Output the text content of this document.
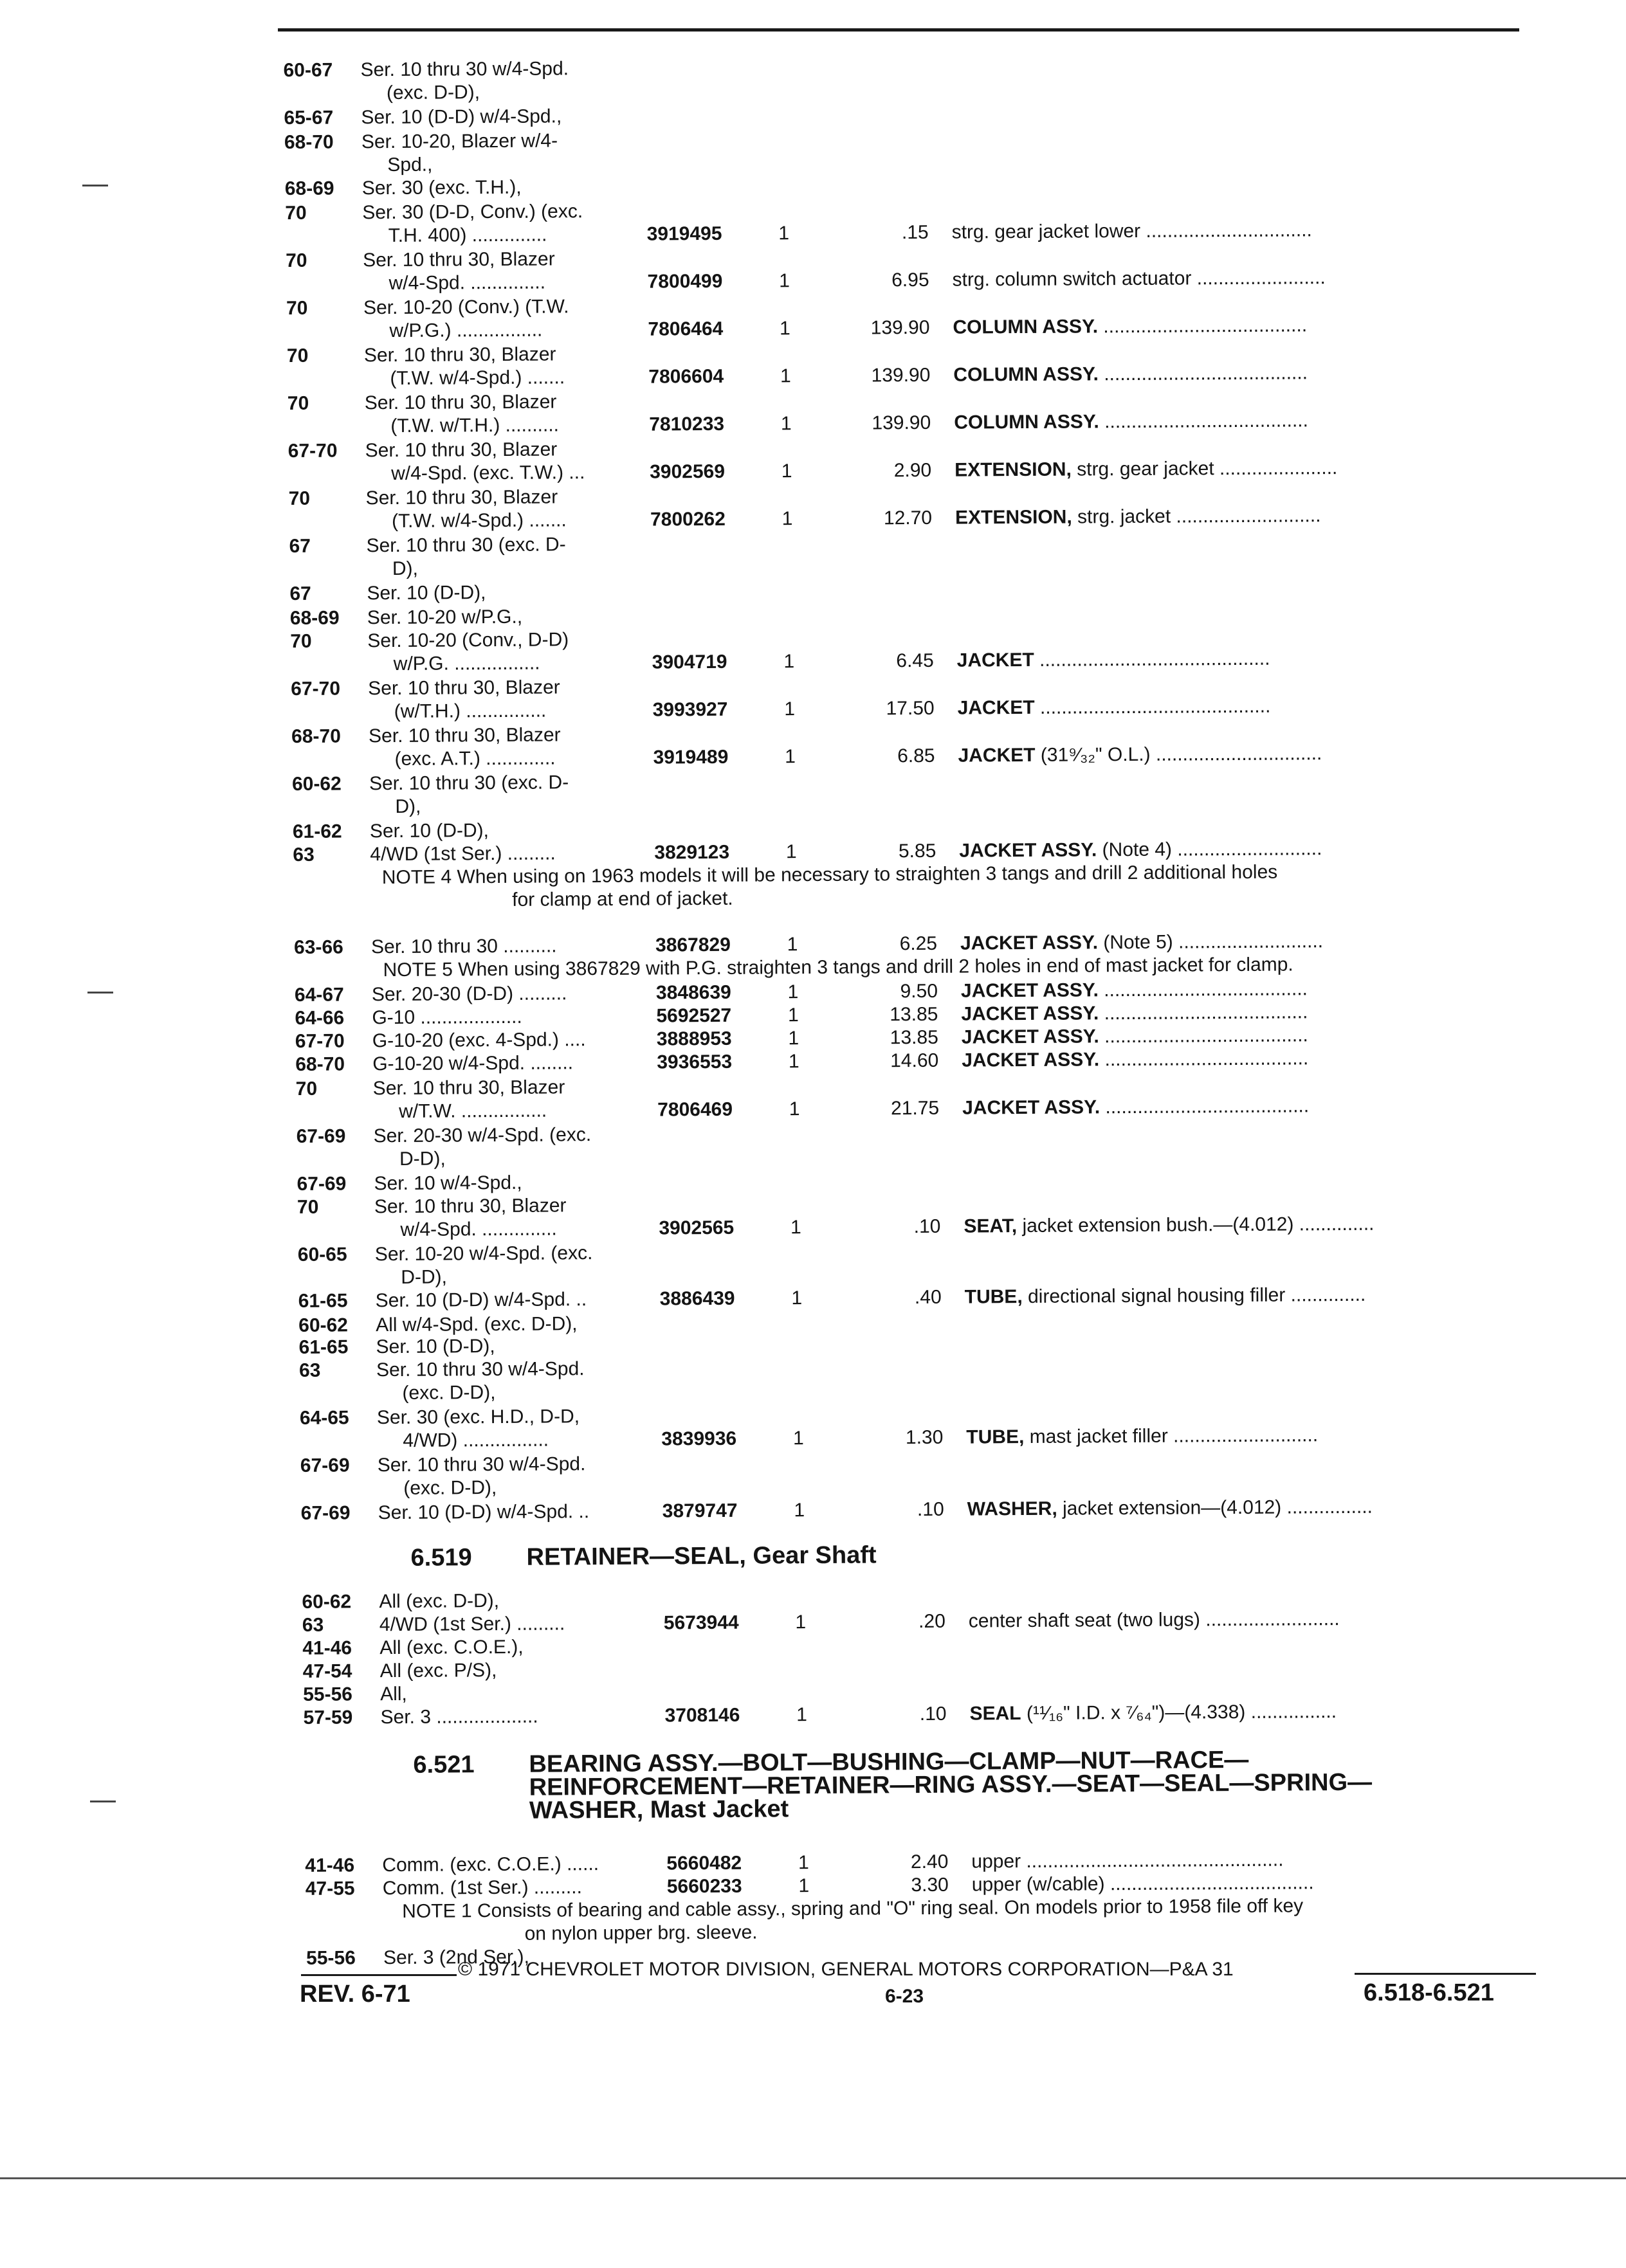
60-67 Ser. 10 thru 30 w/4-Spd.
(exc. D-D),
65-67 Ser. 10 (D-D) w/4-Spd.,
68-70 Ser. 10-20, Blazer w/4-
Spd.,
68-69 Ser. 30 (exc. T.H.),
70	Ser. 30 (D-D, Conv.) (exc.
T.H. 400) ..............	3919495	1	.15 strg. gear jacket lower ...............................
70	Ser. 10 thru 30, Blazer
w/4-Spd. ..............	7800499	1	6.95 strg. column switch actuator ........................
70	Ser. 10-20 (Conv.) (T.W.
w/P.G.) ................	7806464	1	139.90 COLUMN ASSY. ......................................
70	Ser. 10 thru 30, Blazer
(T.W. w/4-Spd.) .......	7806604	1	139.90 COLUMN ASSY. ......................................
70	Ser. 10 thru 30, Blazer
(T.W. w/T.H.) ..........	7810233	1	139.90 COLUMN ASSY. ......................................
67-70 Ser. 10 thru 30, Blazer
w/4-Spd. (exc. T.W.) ...	3902569	1	2.90 EXTENSION, strg. gear jacket ......................
70	Ser. 10 thru 30, Blazer
(T.W. w/4-Spd.) .......	7800262	1	12.70 EXTENSION, strg. jacket ...........................
67	Ser. 10 thru 30 (exc. D-
D),
67	Ser. 10 (D-D),
68-69 Ser. 10-20 w/P.G.,
70	Ser. 10-20 (Conv., D-D)
w/P.G. ................	3904719	1	6.45 JACKET ...........................................
67-70 Ser. 10 thru 30, Blazer
(w/T.H.) ...............	3993927	1	17.50 JACKET ...........................................
68-70 Ser. 10 thru 30, Blazer
(exc. A.T.) .............	3919489	1	6.85 JACKET (31⁹⁄₃₂" O.L.) ...............................
60-62 Ser. 10 thru 30 (exc. D-
D),
61-62 Ser. 10 (D-D),
63	4/WD (1st Ser.) .........	3829123	1	5.85 JACKET ASSY. (Note 4) ...........................
63-66 Ser. 10 thru 30 ..........	3867829	1	6.25 JACKET ASSY. (Note 5) ...........................
64-67 Ser. 20-30 (D-D) .........	3848639	1	9.50 JACKET ASSY. ......................................
64-66 G-10 ...................	5692527	1	13.85 JACKET ASSY. ......................................
67-70 G-10-20 (exc. 4-Spd.) ....	3888953	1	13.85 JACKET ASSY. ......................................
68-70 G-10-20 w/4-Spd. ........	3936553	1	14.60 JACKET ASSY. ......................................
70	Ser. 10 thru 30, Blazer
w/T.W. ................	7806469	1	21.75 JACKET ASSY. ......................................
67-69 Ser. 20-30 w/4-Spd. (exc.
D-D),
67-69 Ser. 10 w/4-Spd.,
70	Ser. 10 thru 30, Blazer
w/4-Spd. ..............	3902565	1	.10 SEAT, jacket extension bush.—(4.012) ..............
60-65 Ser. 10-20 w/4-Spd. (exc.
D-D),
61-65 Ser. 10 (D-D) w/4-Spd. ..	3886439	1	.40 TUBE, directional signal housing filler ..............
60-62 All w/4-Spd. (exc. D-D),
61-65 Ser. 10 (D-D),
63	Ser. 10 thru 30 w/4-Spd.
(exc. D-D),
64-65 Ser. 30 (exc. H.D., D-D,
4/WD) ................	3839936	1	1.30 TUBE, mast jacket filler ...........................
67-69 Ser. 10 thru 30 w/4-Spd.
(exc. D-D),
67-69 Ser. 10 (D-D) w/4-Spd. ..	3879747	1	.10 WASHER, jacket extension—(4.012) ................
60-62 All (exc. D-D),
63	4/WD (1st Ser.) .........	5673944	1	.20 center shaft seat (two lugs) .........................
41-46 All (exc. C.O.E.),
47-54 All (exc. P/S),
55-56 All,
57-59 Ser. 3 ...................	3708146	1	.10 SEAL (¹¹⁄₁₆" I.D. x ⁷⁄₆₄")—(4.338) ................
41-46 Comm. (exc. C.O.E.) ......	5660482	1	2.40 upper ................................................
47-55 Comm. (1st Ser.) .........	5660233	1	3.30 upper (w/cable) ......................................
55-56 Ser. 3 (2nd Ser.),
NOTE 4 When using on 1963 models it will be necessary to straighten 3 tangs and drill 2 additional holes
for clamp at end of jacket.
NOTE 5 When using 3867829 with P.G. straighten 3 tangs and drill 2 holes in end of mast jacket for clamp.
NOTE 1 Consists of bearing and cable assy., spring and "O" ring seal. On models prior to 1958 file off key
on nylon upper brg. sleeve.
6.519 RETAINER—SEAL, Gear Shaft
6.521 BEARING ASSY.—BOLT—BUSHING—CLAMP—NUT—RACE—
REINFORCEMENT—RETAINER—RING ASSY.—SEAT—SEAL—SPRING—
WASHER, Mast Jacket
© 1971 CHEVROLET MOTOR DIVISION, GENERAL MOTORS CORPORATION—P&A 31
REV. 6-71	6-23	6.518-6.521
